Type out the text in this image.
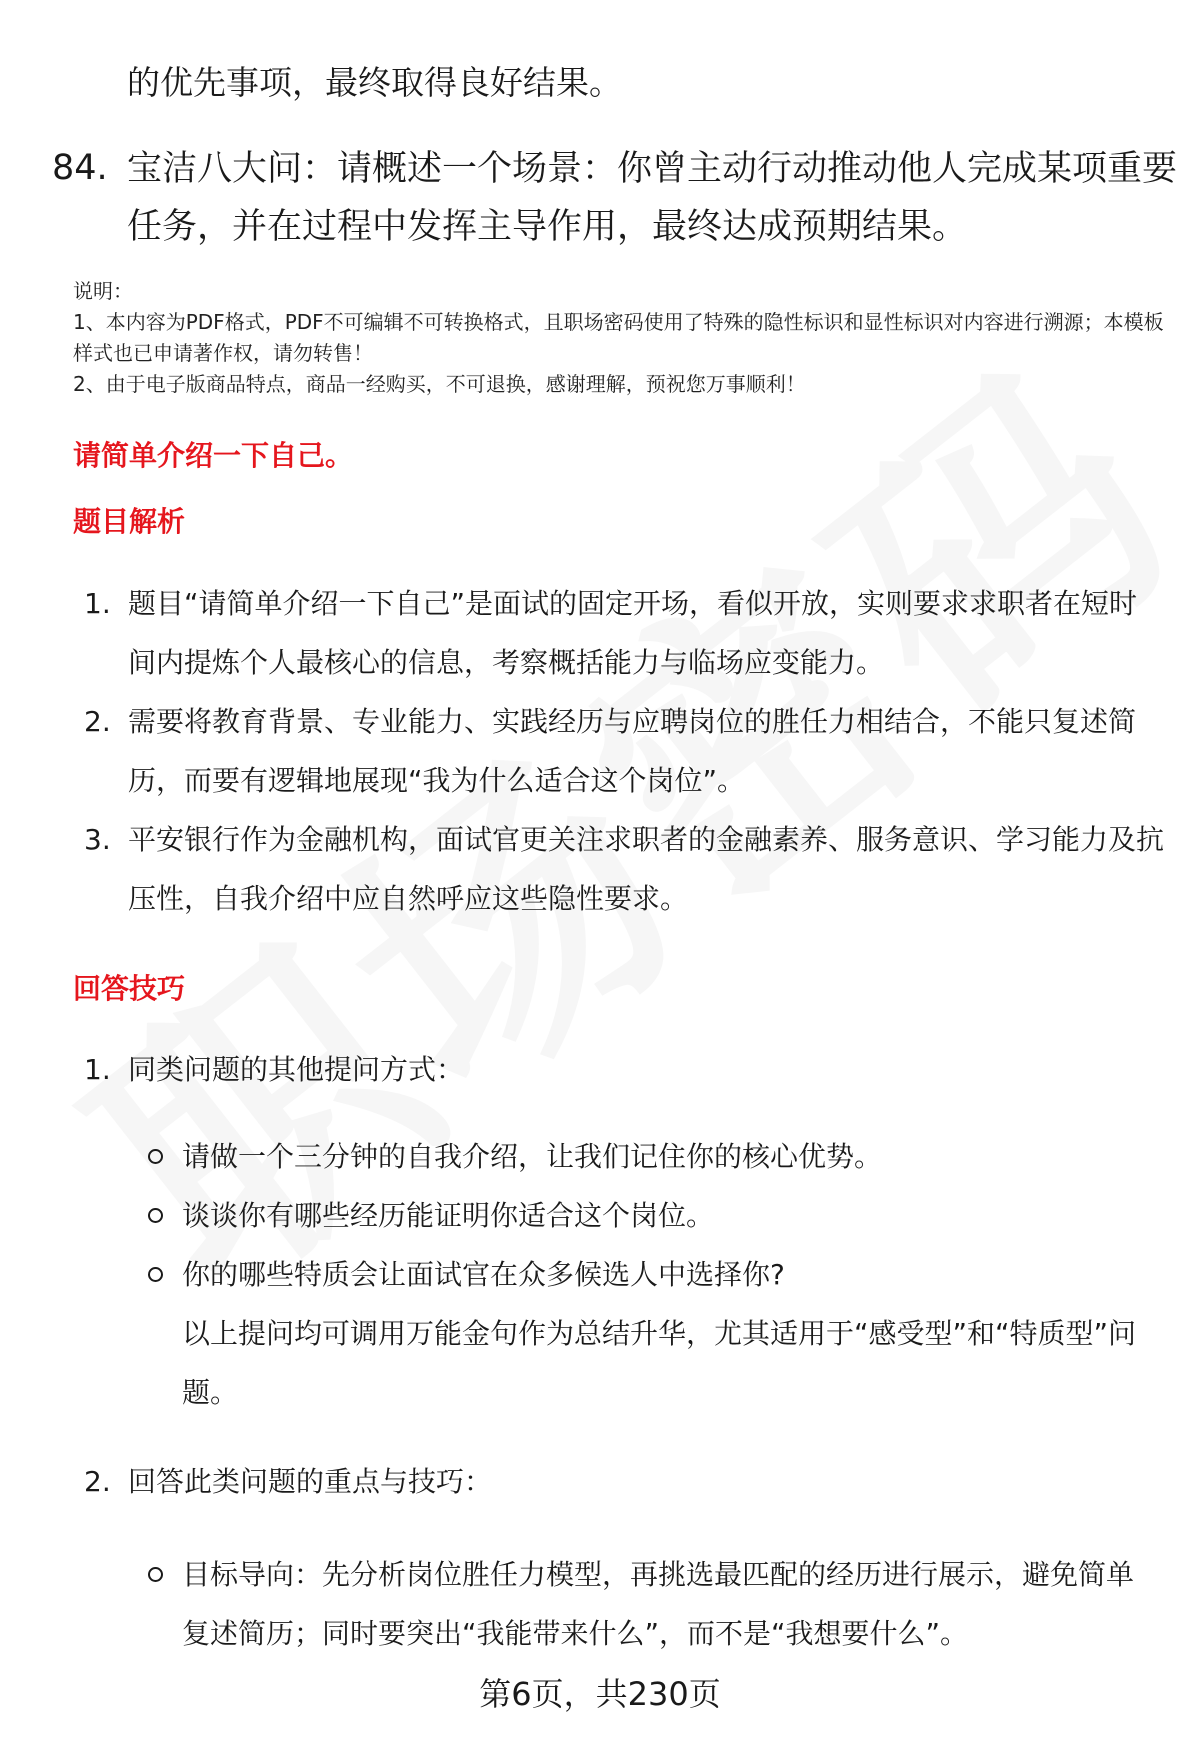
的优先事项，最终取得良好结果。
84. 宝洁八大问：请概述一个场景：你曾主动行动推动他人完成某项重要任务，并在过程中发挥主导作用，最终达成预期结果。
说明：
1、本内容为PDF格式，PDF不可编辑不可转换格式，且职场密码使用了特殊的隐性标识和显性标识对内容进行溯源；本模板样式也已申请著作权，请勿转售！
2、由于电子版商品特点，商品一经购买，不可退换，感谢理解，预祝您万事顺利！
请简单介绍一下自己。
题目解析
1. 题目“请简单介绍一下自己”是面试的固定开场，看似开放，实则要求求职者在短时间内提炼个人最核心的信息，考察概括能力与临场应变能力。
2. 需要将教育背景、专业能力、实践经历与应聘岗位的胜任力相结合，不能只复述简历，而要有逻辑地展现“我为什么适合这个岗位”。
3. 平安银行作为金融机构，面试官更关注求职者的金融素养、服务意识、学习能力及抗压性，自我介绍中应自然呼应这些隐性要求。
回答技巧
1. 同类问题的其他提问方式：
请做一个三分钟的自我介绍，让我们记住你的核心优势。
谈谈你有哪些经历能证明你适合这个岗位。
你的哪些特质会让面试官在众多候选人中选择你?
以上提问均可调用万能金句作为总结升华，尤其适用于“感受型”和“特质型”问题。
2. 回答此类问题的重点与技巧：
目标导向：先分析岗位胜任力模型，再挑选最匹配的经历进行展示，避免简单复述简历；同时要突出“我能带来什么”，而不是“我想要什么”。
第6页，共230页
